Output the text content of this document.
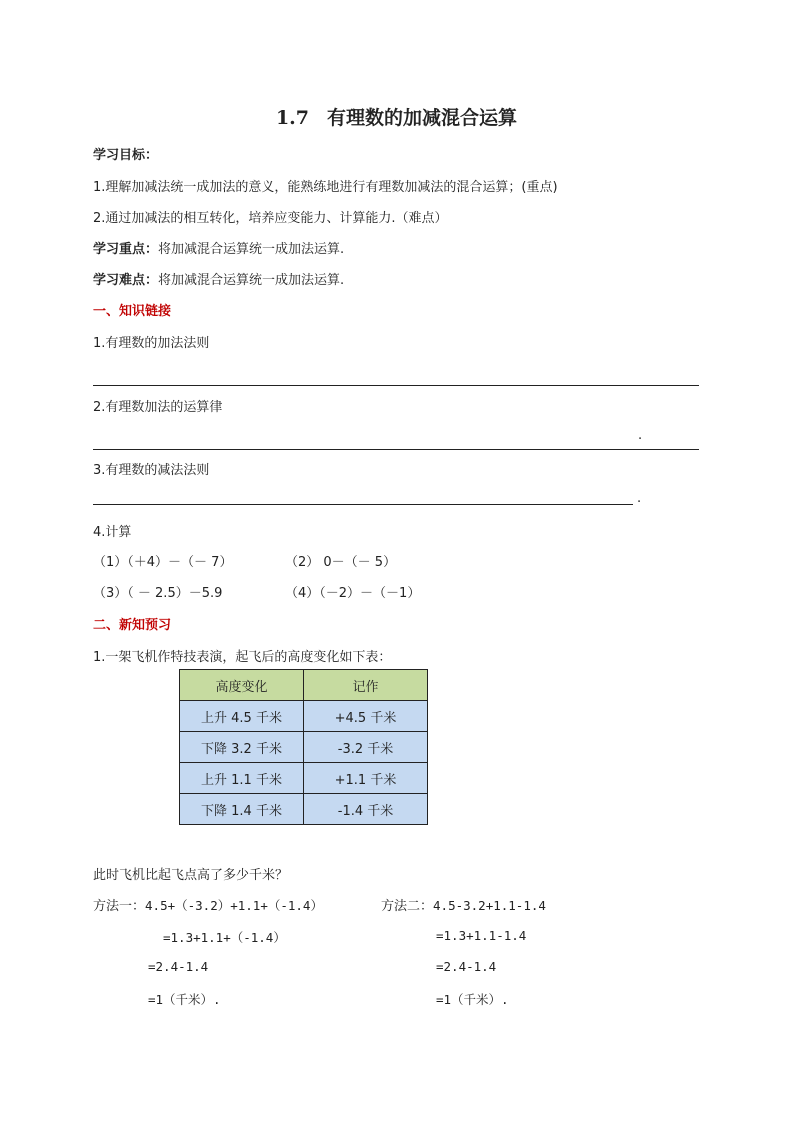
1.7 有理数的加减混合运算
学习目标：
1.理解加减法统一成加法的意义，能熟练地进行有理数加减法的混合运算；(重点)
2.通过加减法的相互转化，培养应变能力、计算能力.（难点）
学习重点：将加减混合运算统一成加法运算.
学习难点：将加减混合运算统一成加法运算.
一、知识链接
1.有理数的加法法则
2.有理数加法的运算律
.
3.有理数的减法法则
.
4.计算
（1）（＋4）－（－ 7）	（2） 0－（－ 5）
（3）（ － 2.5）－5.9	（4）（－2）－（－1）
二、新知预习
1.一架飞机作特技表演，起飞后的高度变化如下表：
高度变化	记作
上升 4.5 千米	+4.5 千米
下降 3.2 千米	-3.2 千米
上升 1.1 千米	+1.1 千米
下降 1.4 千米	-1.4 千米
此时飞机比起飞点高了多少千米？
方法一：4.5+（-3.2）+1.1+（-1.4）
=1.3+1.1+（-1.4）
=2.4-1.4
=1（千米）.
方法二：4.5-3.2+1.1-1.4
=1.3+1.1-1.4
=2.4-1.4
=1（千米）.
